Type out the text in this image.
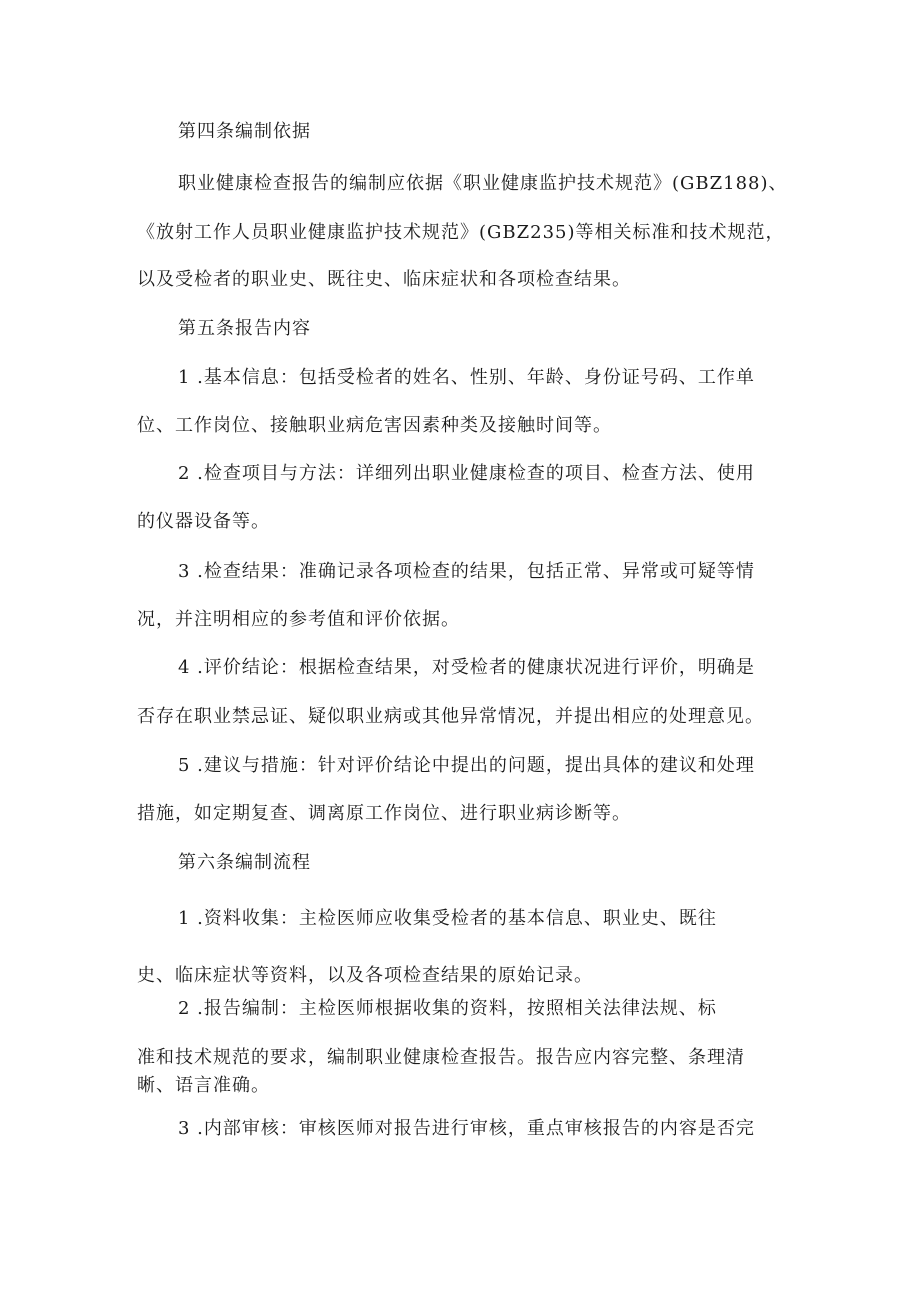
第四条编制依据
职业健康检查报告的编制应依据《职业健康监护技术规范》(GBZ188)、
《放射工作人员职业健康监护技术规范》(GBZ235)等相关标准和技术规范，
以及受检者的职业史、既往史、临床症状和各项检查结果。
第五条报告内容
1 .基本信息：包括受检者的姓名、性别、年龄、身份证号码、工作单
位、工作岗位、接触职业病危害因素种类及接触时间等。
2 .检查项目与方法：详细列出职业健康检查的项目、检查方法、使用
的仪器设备等。
3 .检查结果：准确记录各项检查的结果，包括正常、异常或可疑等情
况，并注明相应的参考值和评价依据。
4 .评价结论：根据检查结果，对受检者的健康状况进行评价，明确是
否存在职业禁忌证、疑似职业病或其他异常情况，并提出相应的处理意见。
5 .建议与措施：针对评价结论中提出的问题，提出具体的建议和处理
措施，如定期复查、调离原工作岗位、进行职业病诊断等。
第六条编制流程
1 .资料收集：主检医师应收集受检者的基本信息、职业史、既往
史、临床症状等资料，以及各项检查结果的原始记录。
2 .报告编制：主检医师根据收集的资料，按照相关法律法规、标
准和技术规范的要求，编制职业健康检查报告。报告应内容完整、条理清
晰、语言准确。
3 .内部审核：审核医师对报告进行审核，重点审核报告的内容是否完
